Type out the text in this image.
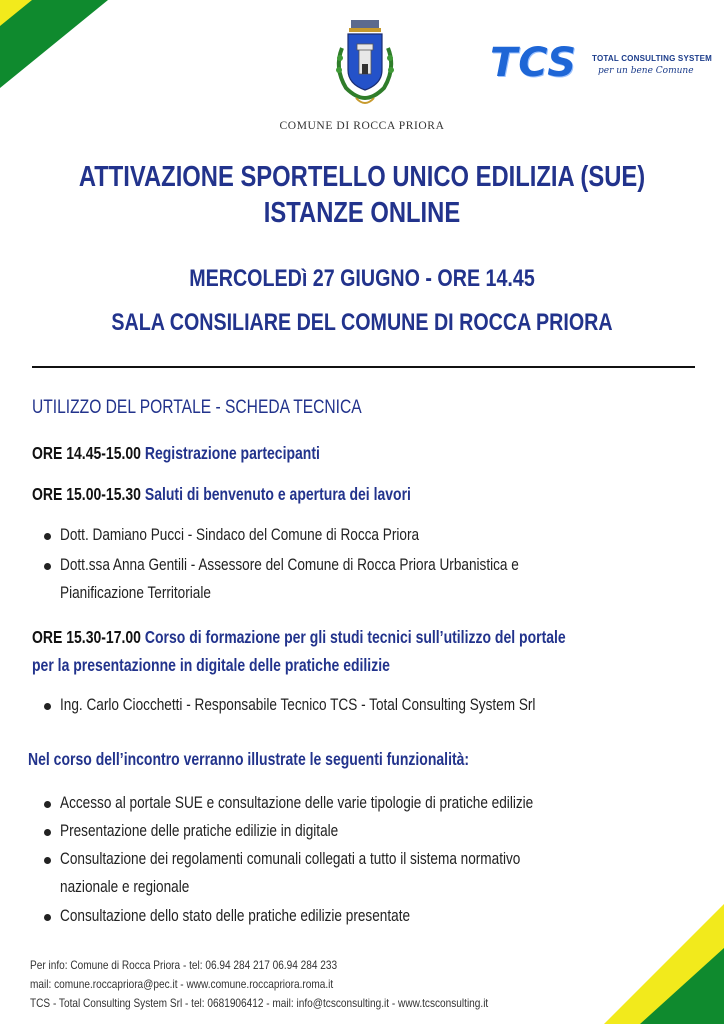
TCS TOTAL CONSULTING SYSTEM
per un bene Comune
COMUNE DI ROCCA PRIORA
ATTIVAZIONE SPORTELLO UNICO EDILIZIA (SUE)
ISTANZE ONLINE
MERCOLEDì 27 GIUGNO - ORE 14.45
SALA CONSILIARE DEL COMUNE DI ROCCA PRIORA
UTILIZZO DEL PORTALE - SCHEDA TECNICA
ORE 14.45-15.00 Registrazione partecipanti
ORE 15.00-15.30 Saluti di benvenuto e apertura dei lavori
Dott. Damiano Pucci - Sindaco del Comune di Rocca Priora
Dott.ssa Anna Gentili - Assessore del Comune di Rocca Priora Urbanistica e
Pianificazione Territoriale
ORE 15.30-17.00 Corso di formazione per gli studi tecnici sull’utilizzo del portale
per la presentazionne in digitale delle pratiche edilizie
Ing. Carlo Ciocchetti - Responsabile Tecnico TCS - Total Consulting System Srl
Nel corso dell’incontro verranno illustrate le seguenti funzionalità:
Accesso al portale SUE e consultazione delle varie tipologie di pratiche edilizie
Presentazione delle pratiche edilizie in digitale
Consultazione dei regolamenti comunali collegati a tutto il sistema normativo
nazionale e regionale
Consultazione dello stato delle pratiche edilizie presentate
Per info: Comune di Rocca Priora - tel: 06.94 284 217 06.94 284 233
mail: comune.roccapriora@pec.it - www.comune.roccapriora.roma.it
TCS - Total Consulting System Srl - tel: 0681906412 - mail: info@tcsconsulting.it - www.tcsconsulting.it
